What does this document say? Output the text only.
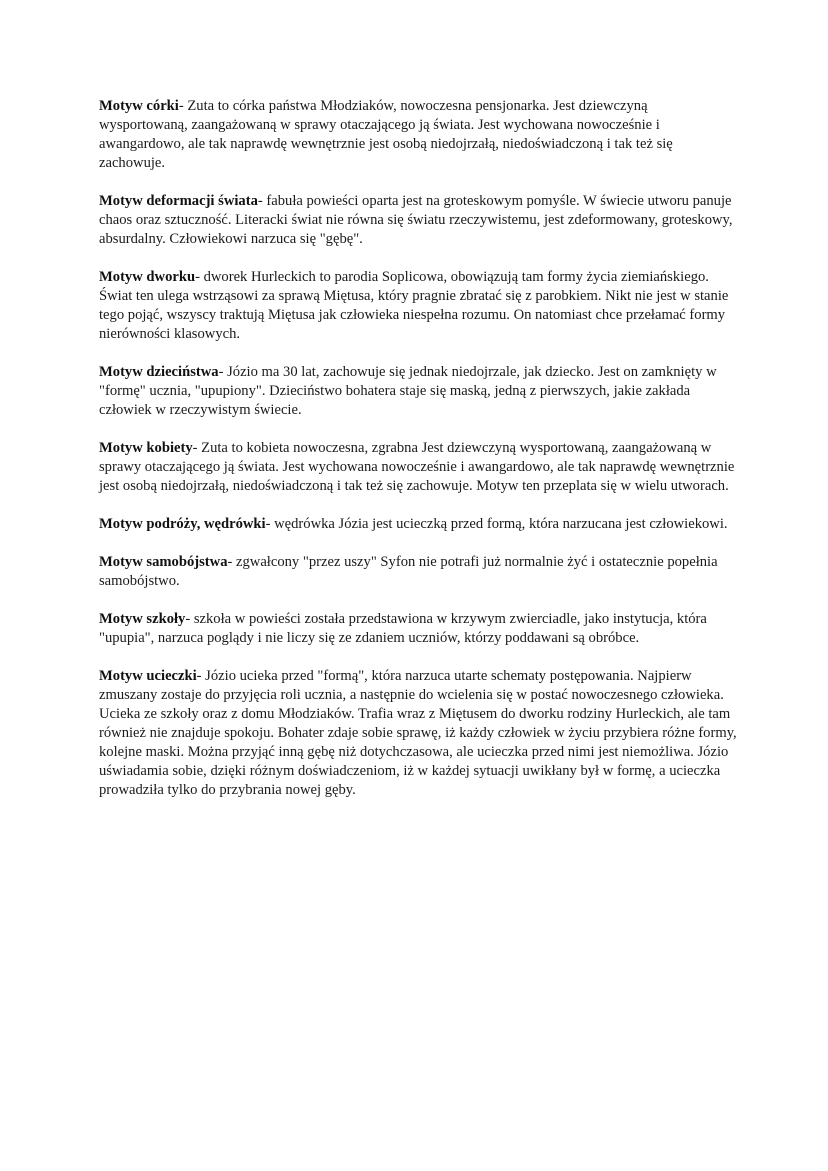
Motyw córki- Zuta to córka państwa Młodziaków, nowoczesna pensjonarka. Jest dziewczyną wysportowaną, zaangażowaną w sprawy otaczającego ją świata. Jest wychowana nowocześnie i awangardowo, ale tak naprawdę wewnętrznie jest osobą niedojrzałą, niedoświadczoną i tak też się zachowuje.

Motyw deformacji świata- fabuła powieści oparta jest na groteskowym pomyśle. W świecie utworu panuje chaos oraz sztuczność. Literacki świat nie równa się światu rzeczywistemu, jest zdeformowany, groteskowy, absurdalny. Człowiekowi narzuca się "gębę".

Motyw dworku- dworek Hurleckich to parodia Soplicowa, obowiązują tam formy życia ziemiańskiego. Świat ten ulega wstrząsowi za sprawą Miętusa, który pragnie zbratać się z parobkiem. Nikt nie jest w stanie tego pojąć, wszyscy traktują Miętusa jak człowieka niespełna rozumu. On natomiast chce przełamać formy nierówności klasowych.

Motyw dzieciństwa- Józio ma 30 lat, zachowuje się jednak niedojrzale, jak dziecko. Jest on zamknięty w "formę" ucznia, "upupiony". Dzieciństwo bohatera staje się maską, jedną z pierwszych, jakie zakłada człowiek w rzeczywistym świecie.

Motyw kobiety- Zuta to kobieta nowoczesna, zgrabna Jest dziewczyną wysportowaną, zaangażowaną w sprawy otaczającego ją świata. Jest wychowana nowocześnie i awangardowo, ale tak naprawdę wewnętrznie jest osobą niedojrzałą, niedoświadczoną i tak też się zachowuje. Motyw ten przeplata się w wielu utworach.

Motyw podróży, wędrówki- wędrówka Józia jest ucieczką przed formą, która narzucana jest człowiekowi.

Motyw samobójstwa- zgwałcony "przez uszy" Syfon nie potrafi już normalnie żyć i ostatecznie popełnia samobójstwo.

Motyw szkoły- szkoła w powieści została przedstawiona w krzywym zwierciadle, jako instytucja, która "upupia", narzuca poglądy i nie liczy się ze zdaniem uczniów, którzy poddawani są obróbce.

Motyw ucieczki- Józio ucieka przed "formą", która narzuca utarte schematy postępowania. Najpierw zmuszany zostaje do przyjęcia roli ucznia, a następnie do wcielenia się w postać nowoczesnego człowieka. Ucieka ze szkoły oraz z domu Młodziaków. Trafia wraz z Miętusem do dworku rodziny Hurleckich, ale tam również nie znajduje spokoju. Bohater zdaje sobie sprawę, iż każdy człowiek w życiu przybiera różne formy, kolejne maski. Można przyjąć inną gębę niż dotychczasowa, ale ucieczka przed nimi jest niemożliwa. Józio uświadamia sobie, dzięki różnym doświadczeniom, iż w każdej sytuacji uwikłany był w formę, a ucieczka prowadziła tylko do przybrania nowej gęby.
